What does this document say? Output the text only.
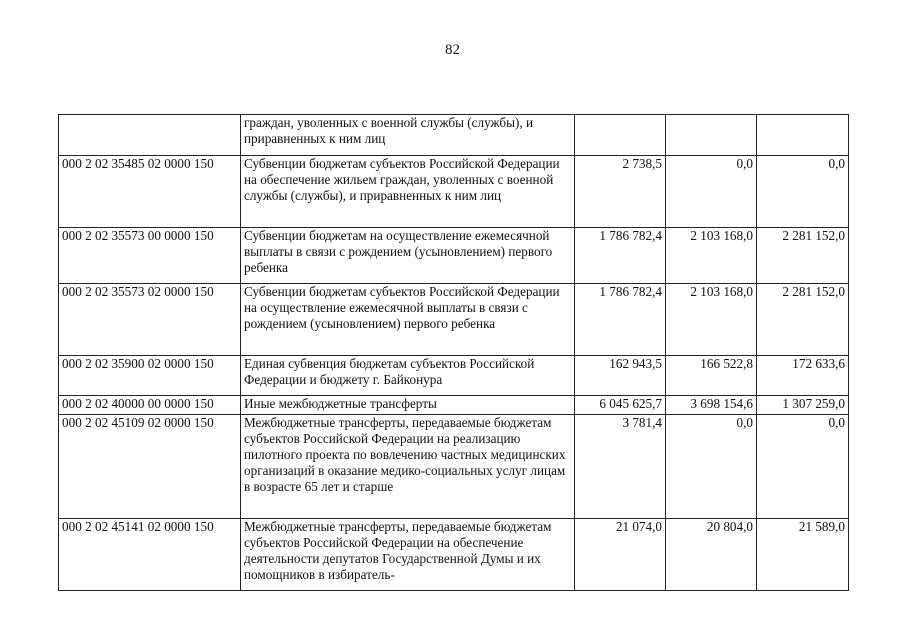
82
	граждан, уволенных с военной службы (службы), и приравненных к ним лиц			
000 2 02 35485 02 0000 150	Субвенции бюджетам субъектов Российской Федерации на обеспечение жильем граждан, уволенных с военной службы (службы), и приравненных к ним лиц	2 738,5	0,0	0,0
000 2 02 35573 00 0000 150	Субвенции бюджетам на осуществление ежемесячной выплаты в связи с рождением (усыновлением) первого ребенка	1 786 782,4	2 103 168,0	2 281 152,0
000 2 02 35573 02 0000 150	Субвенции бюджетам субъектов Российской Федерации на осуществление ежемесячной выплаты в связи с рождением (усыновлением) первого ребенка	1 786 782,4	2 103 168,0	2 281 152,0
000 2 02 35900 02 0000 150	Единая субвенция бюджетам субъектов Российской Федерации и бюджету г. Байконура	162 943,5	166 522,8	172 633,6
000 2 02 40000 00 0000 150	Иные межбюджетные трансферты	6 045 625,7	3 698 154,6	1 307 259,0
000 2 02 45109 02 0000 150	Межбюджетные трансферты, передаваемые бюджетам субъектов Российской Федерации на реализацию пилотного проекта по вовлечению частных медицинских организаций в оказание медико-социальных услуг лицам в возрасте 65 лет и старше	3 781,4	0,0	0,0
000 2 02 45141 02 0000 150	Межбюджетные трансферты, передаваемые бюджетам субъектов Российской Федерации на обеспечение деятельности депутатов Государственной Думы и их помощников в избиратель-	21 074,0	20 804,0	21 589,0
